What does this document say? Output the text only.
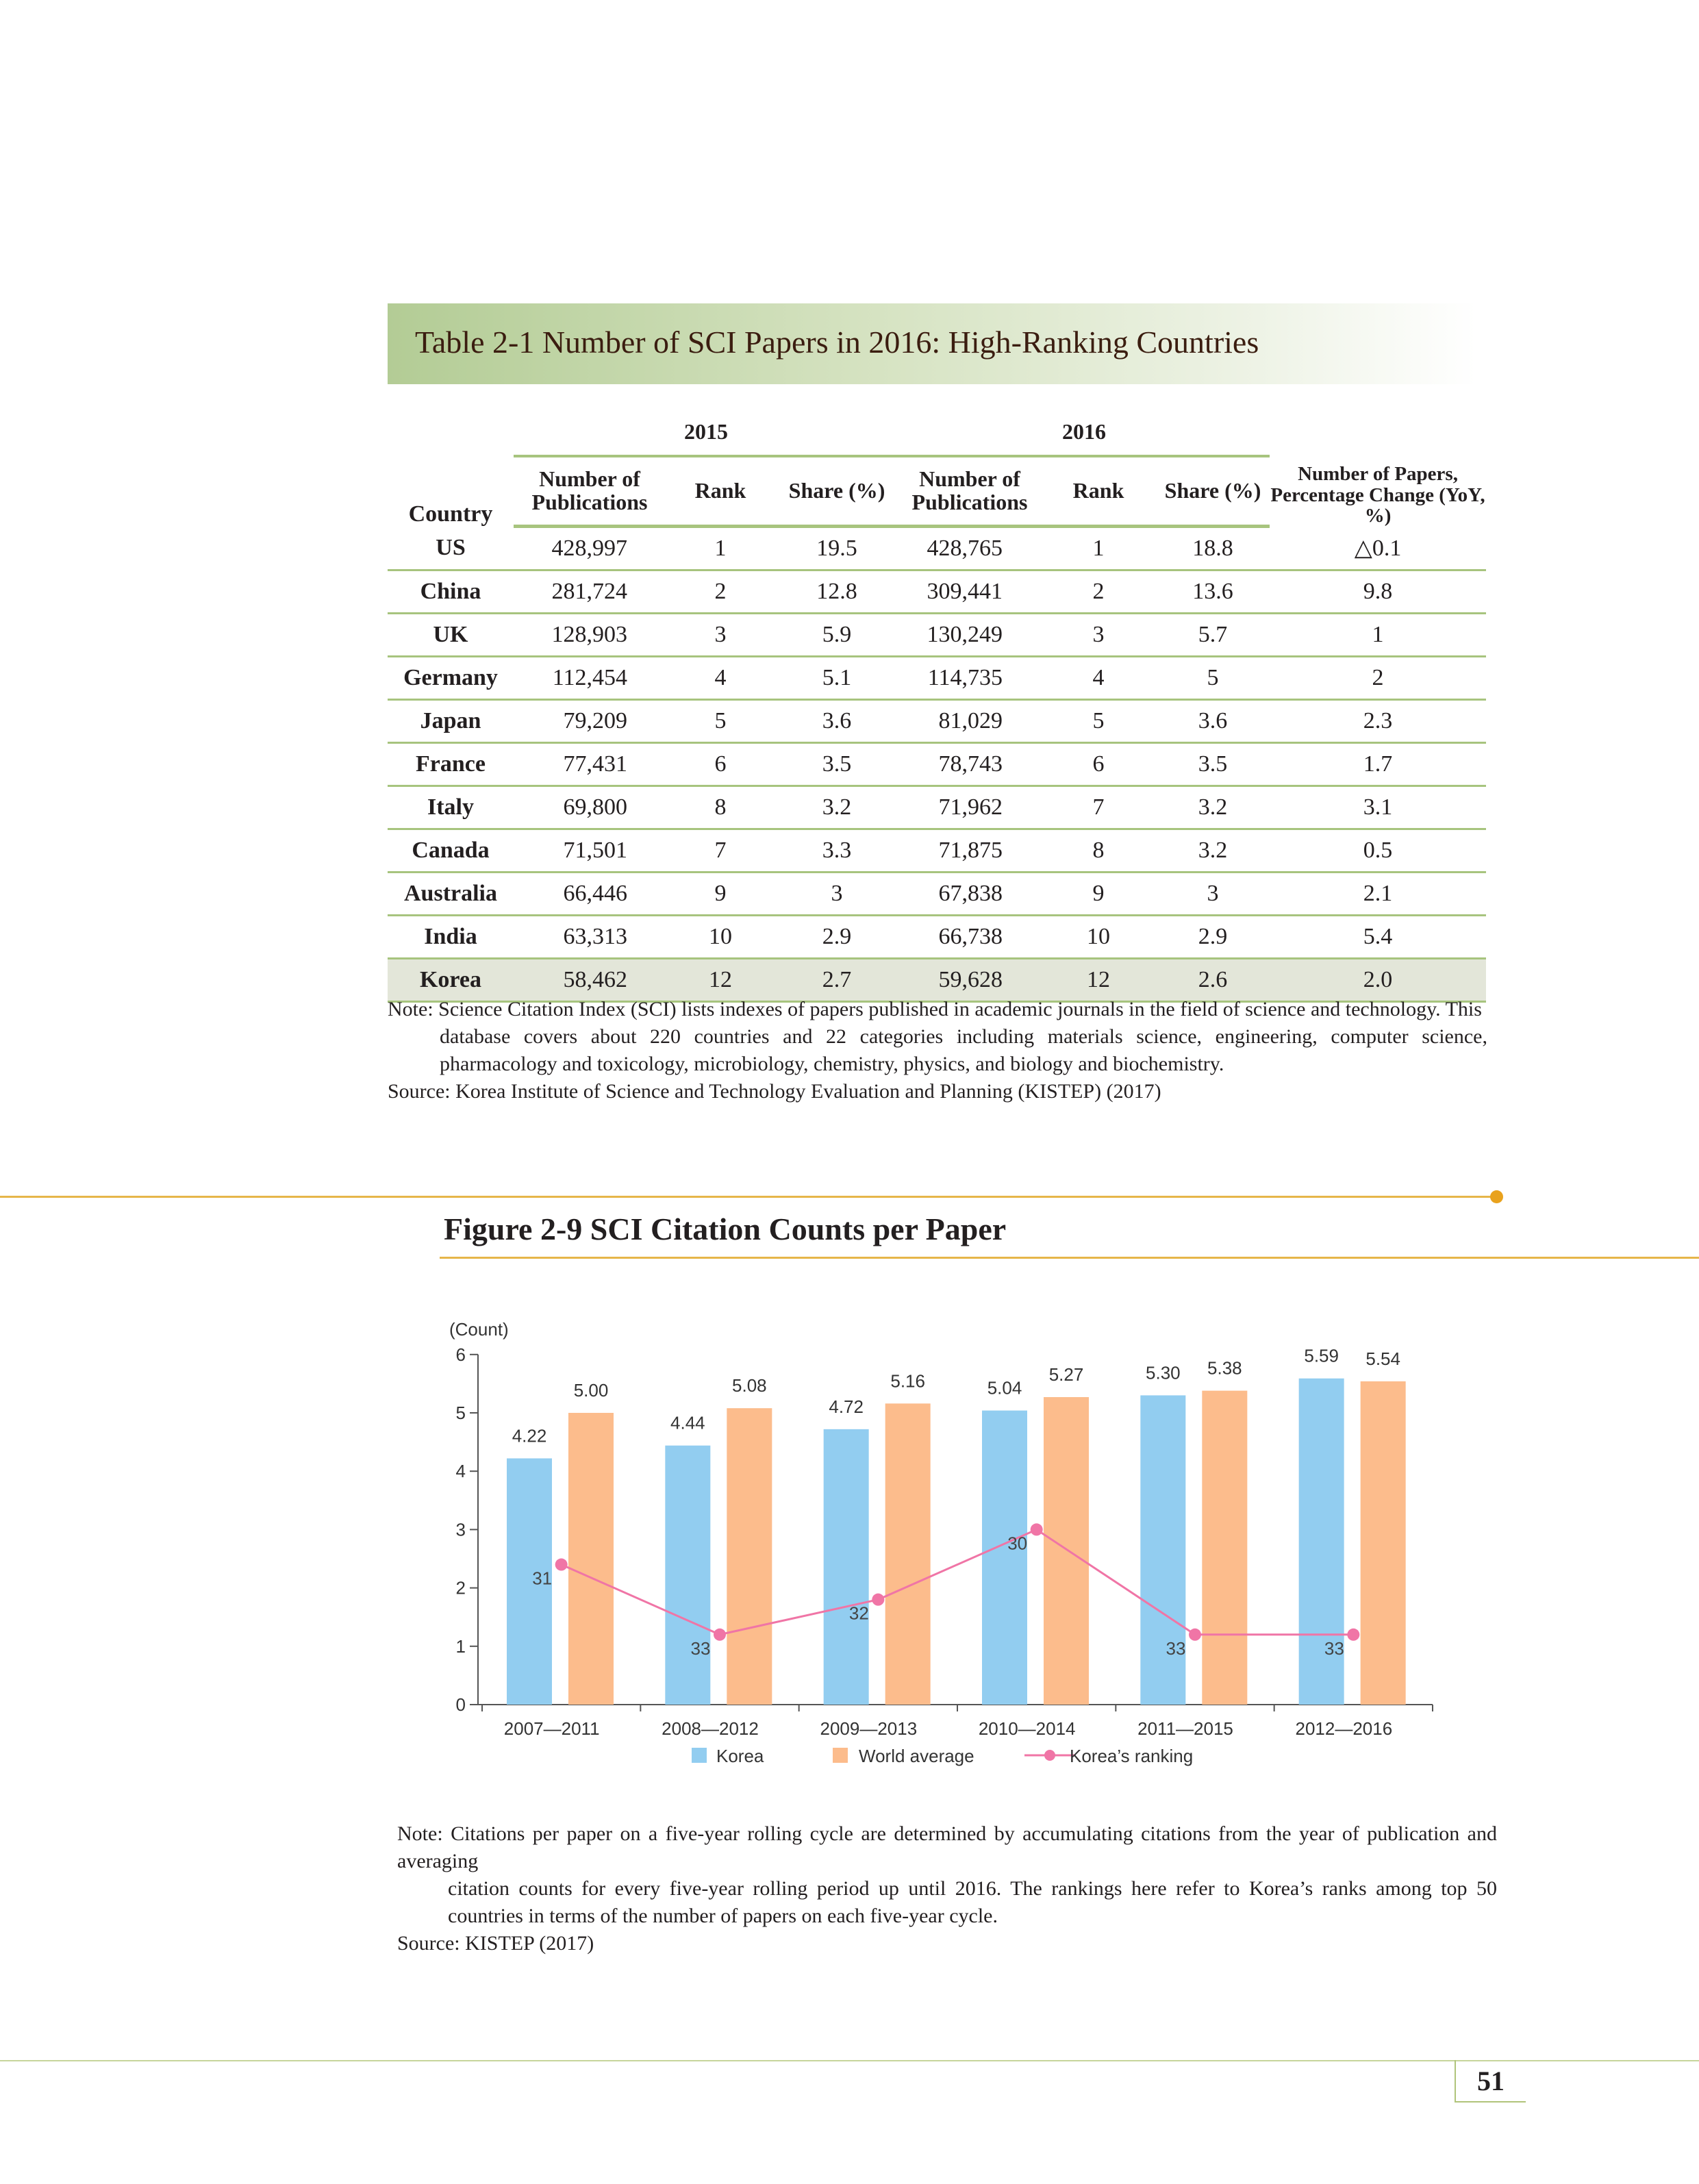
Table 2-1 Number of SCI Papers in 2016: High-Ranking Countries
Country	2015			2016			Number of Papers, Percentage Change (YoY, %)
	Number of Publications	Rank	Share (%)	Number of Publications	Rank	Share (%)	
US	428,997	1	19.5	428,765	1	18.8	△0.1
China	281,724	2	12.8	309,441	2	13.6	9.8
UK	128,903	3	5.9	130,249	3	5.7	1
Germany	112,454	4	5.1	114,735	4	5	2
Japan	79,209	5	3.6	81,029	5	3.6	2.3
France	77,431	6	3.5	78,743	6	3.5	1.7
Italy	69,800	8	3.2	71,962	7	3.2	3.1
Canada	71,501	7	3.3	71,875	8	3.2	0.5
Australia	66,446	9	3	67,838	9	3	2.1
India	63,313	10	2.9	66,738	10	2.9	5.4
Korea	58,462	12	2.7	59,628	12	2.6	2.0
Note: Science Citation Index (SCI) lists indexes of papers published in academic journals in the field of science and technology. This
database covers about 220 countries and 22 categories including materials science, engineering, computer science, pharmacology and toxicology, microbiology, chemistry, physics, and biology and biochemistry.
Source: Korea Institute of Science and Technology Evaluation and Planning (KISTEP) (2017)
Figure 2-9 SCI Citation Counts per Paper
0
1
2
3
4
5
6
(Count)
2007—2011	2008—2012	2009—2013	2010—2014	2011—2015	2012—2016
4.22
5.00
4.44
5.08
4.72
5.16	5.04
5.27	5.30 5.38
5.59 5.54
31
33
32
30
33	33
Korea	World average	Korea’s ranking
Note: Citations per paper on a five-year rolling cycle are determined by accumulating citations from the year of publication and averaging
citation counts for every five-year rolling period up until 2016. The rankings here refer to Korea’s ranks among top 50 countries in terms of the number of papers on each five-year cycle.
Source: KISTEP (2017)
51
